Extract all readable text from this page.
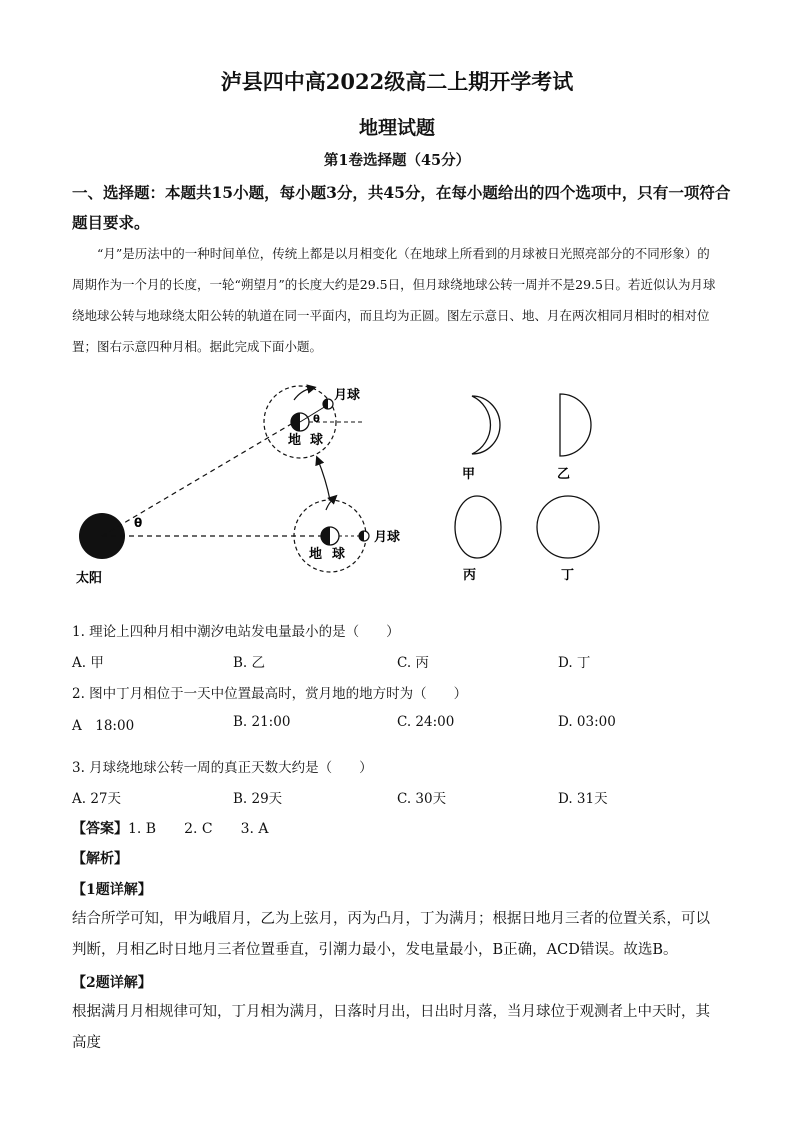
泸县四中高2022级高二上期开学考试
地理试题
第1卷选择题（45分）
一、选择题：本题共15小题，每小题3分，共45分，在每小题给出的四个选项中，只有一项符合题目要求。
“月”是历法中的一种时间单位，传统上都是以月相变化（在地球上所看到的月球被日光照亮部分的不同形象）的周期作为一个月的长度，一轮“朔望月”的长度大约是29.5日，但月球绕地球公转一周并不是29.5日。若近似认为月球绕地球公转与地球绕太阳公转的轨道在同一平面内，而且均为正圆。图左示意日、地、月在两次相同月相时的相对位置；图右示意四种月相。据此完成下面小题。
太阳
θ
θ
月球
地 球
月球
地 球
甲	乙
丙	丁
1. 理论上四种月相中潮汐电站发电量最小的是（　　）
A. 甲	B. 乙	C. 丙	D. 丁
2. 图中丁月相位于一天中位置最高时，赏月地的地方时为（　　）
A　18:00	B. 21:00	C. 24:00	D. 03:00
3. 月球绕地球公转一周的真正天数大约是（　　）
A. 27天	B. 29天	C. 30天	D. 31天
【答案】 1. B　　2. C　　3. A
【解析】
【1题详解】
结合所学可知，甲为峨眉月，乙为上弦月，丙为凸月，丁为满月；根据日地月三者的位置关系，可以判断，月相乙时日地月三者位置垂直，引潮力最小，发电量最小，B正确，ACD错误。故选B。
【2题详解】
根据满月月相规律可知，丁月相为满月，日落时月出，日出时月落，当月球位于观测者上中天时，其高度
